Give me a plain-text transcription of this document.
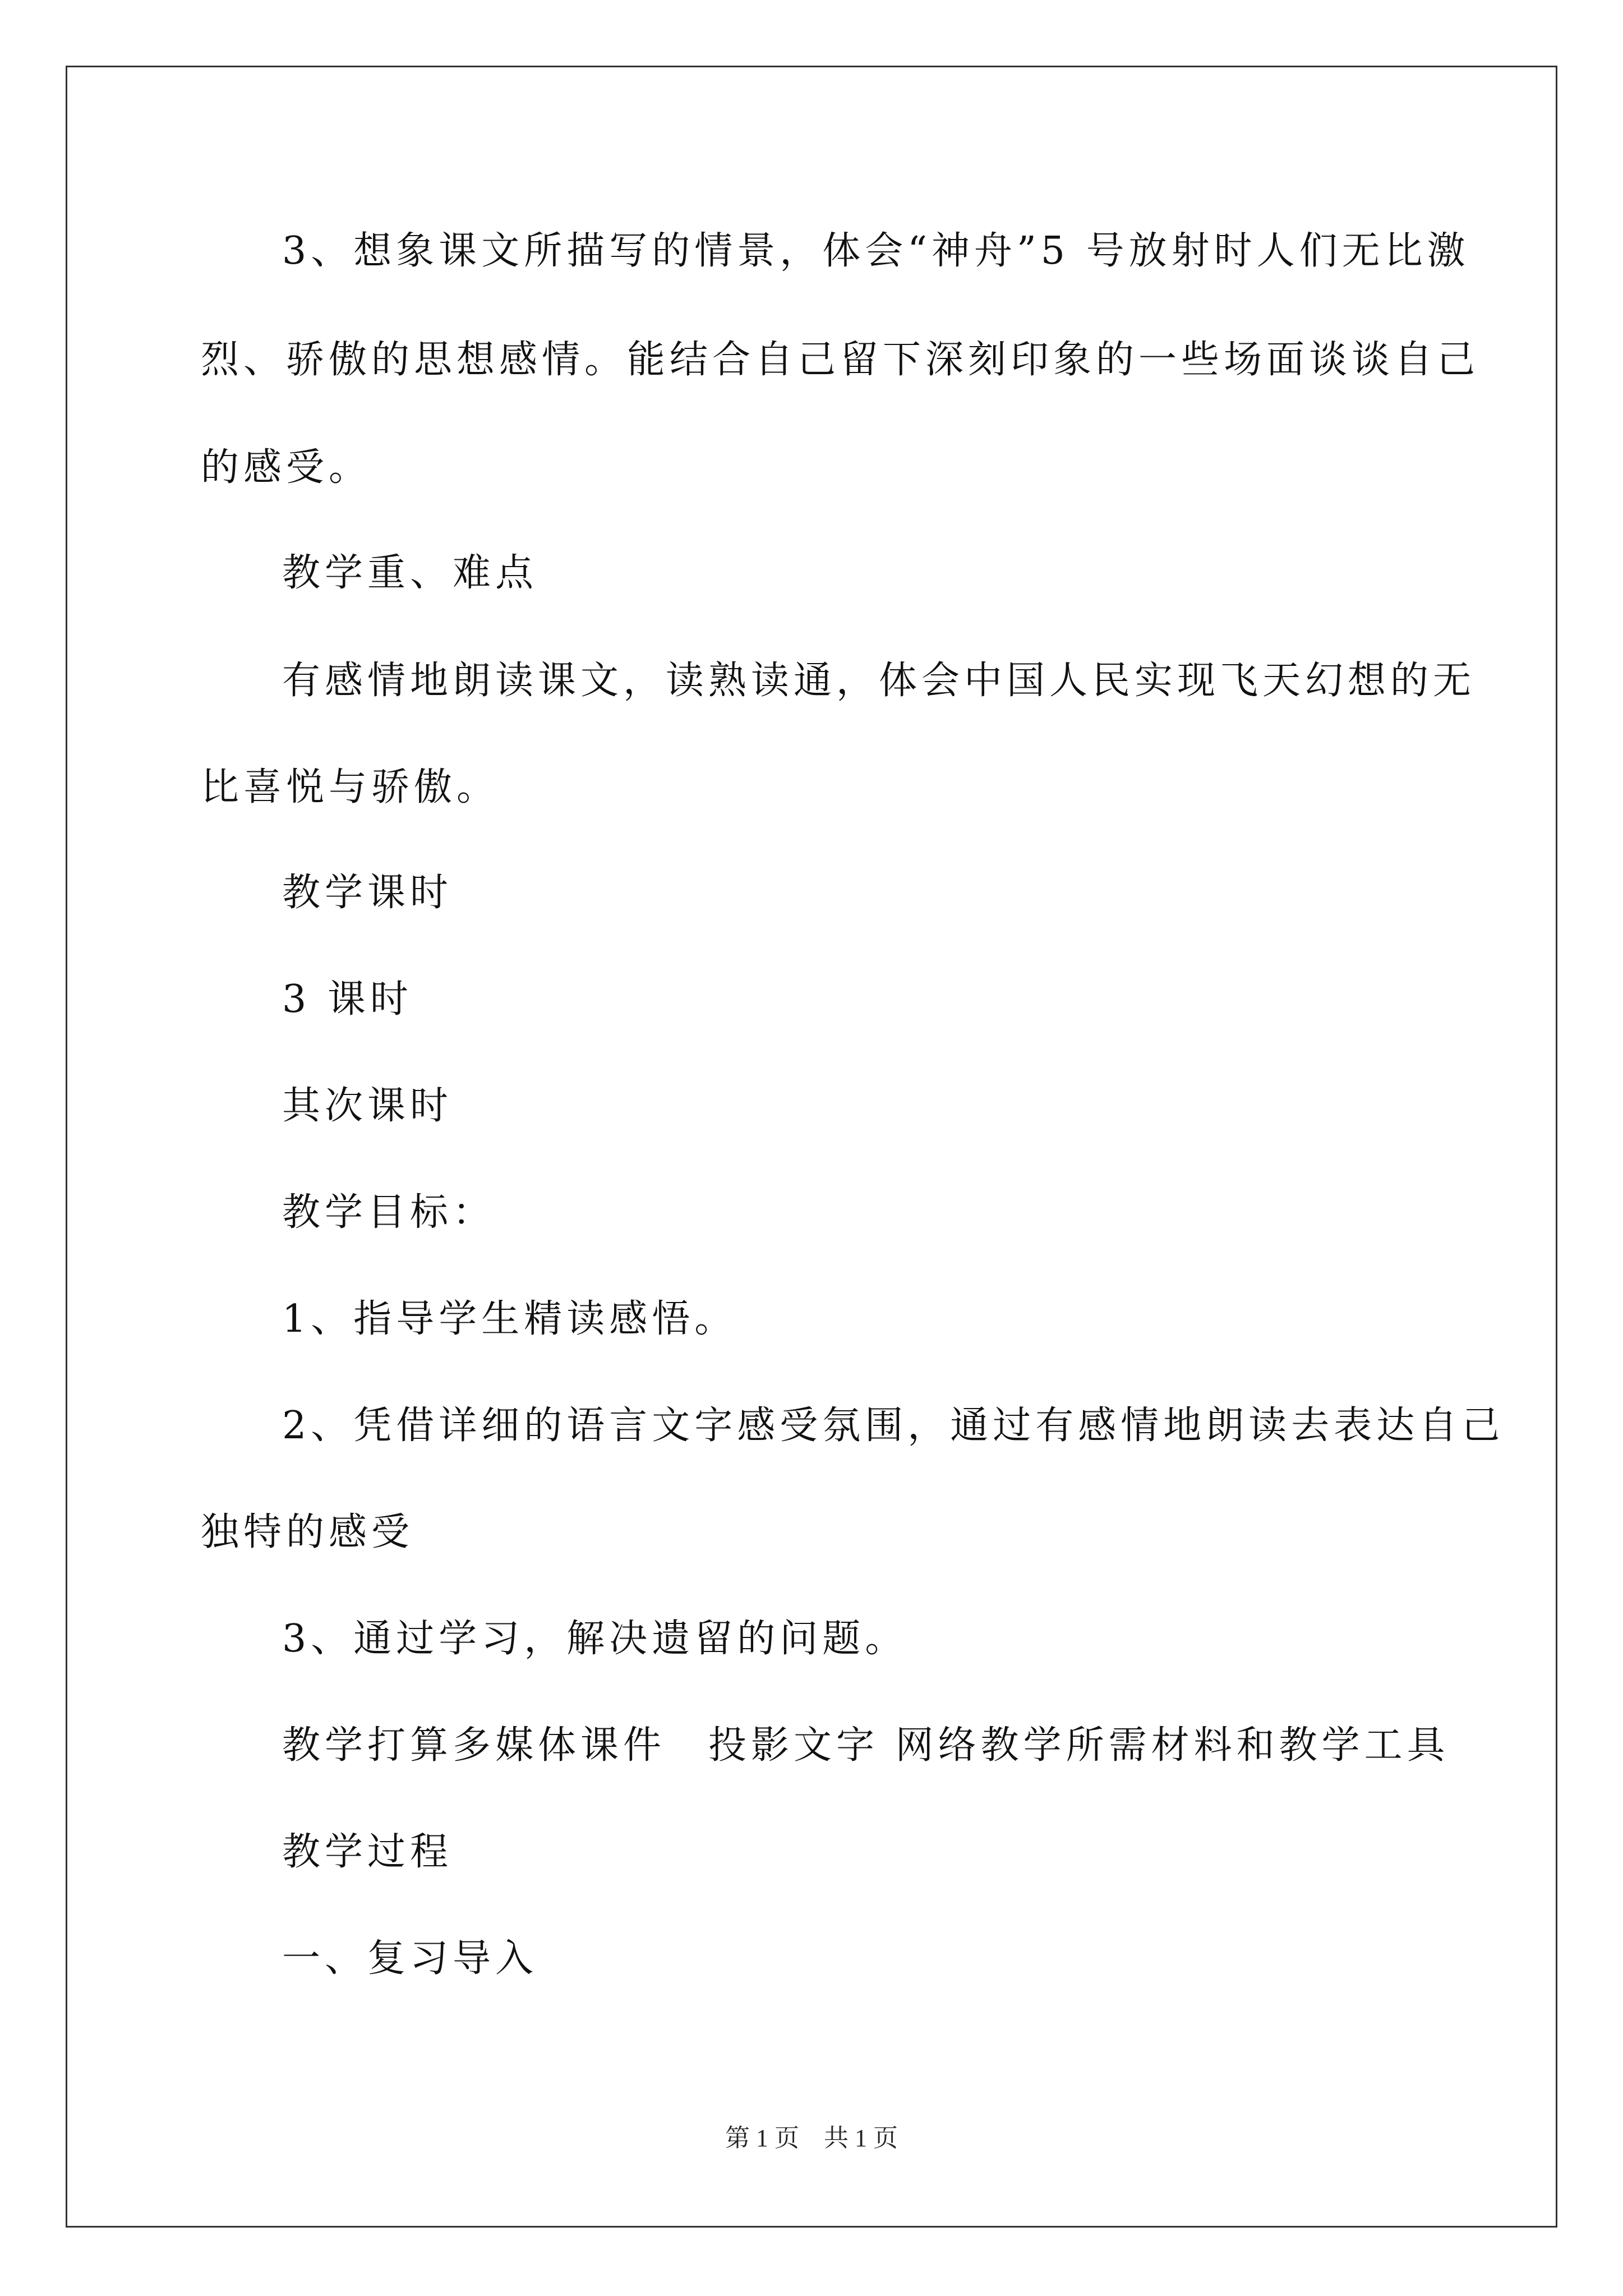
3、想象课文所描写的情景，体会“神舟”5 号放射时人们无比激
烈、骄傲的思想感情。能结合自己留下深刻印象的一些场面谈谈自己
的感受。
教学重、难点
有感情地朗读课文，读熟读通，体会中国人民实现飞天幻想的无
比喜悦与骄傲。
教学课时
3 课时
其次课时
教学目标：
1、指导学生精读感悟。
2、凭借详细的语言文字感受氛围，通过有感情地朗读去表达自己
独特的感受
3、通过学习，解决遗留的问题。
教学打算多媒体课件　投影文字 网络教学所需材料和教学工具
教学过程
一、复习导入
第 1 页　共 1 页
